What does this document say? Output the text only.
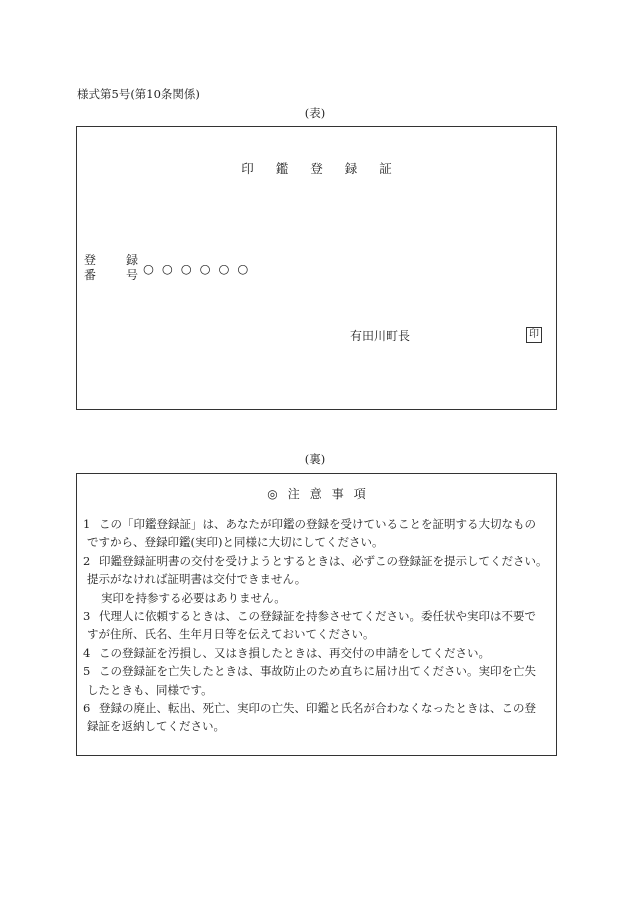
様式第5号(第10条関係)
(表)
印 鑑 登 録 証
登 録
番 号 ○ ○ ○ ○ ○ ○
有田川町長	印
(裏)
◎ 注 意 事 項
1 この「印鑑登録証」は、あなたが印鑑の登録を受けていることを証明する大切なもの
ですから、登録印鑑(実印)と同様に大切にしてください。
2 印鑑登録証明書の交付を受けようとするときは、必ずこの登録証を提示してください。
提示がなければ証明書は交付できません。
実印を持参する必要はありません。
3 代理人に依頼するときは、この登録証を持参させてください。委任状や実印は不要で
すが住所、氏名、生年月日等を伝えておいてください。
4 この登録証を汚損し、又はき損したときは、再交付の申請をしてください。
5 この登録証を亡失したときは、事故防止のため直ちに届け出てください。実印を亡失
したときも、同様です。
6 登録の廃止、転出、死亡、実印の亡失、印鑑と氏名が合わなくなったときは、この登
録証を返納してください。
